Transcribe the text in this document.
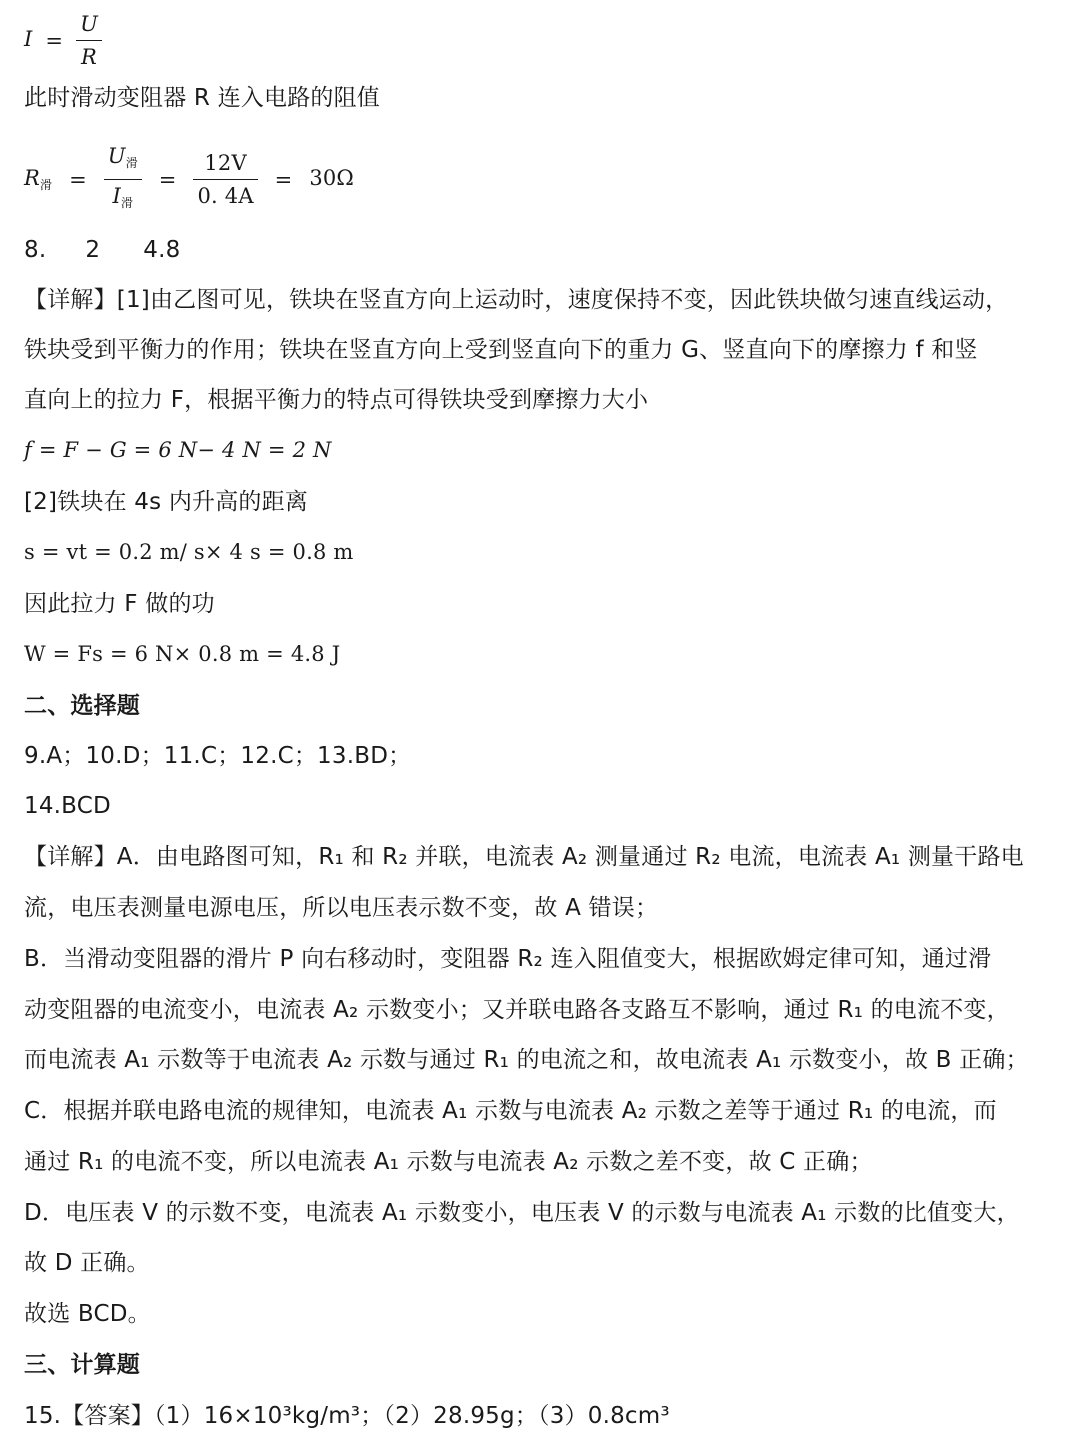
$I = \frac{U}{R}$
此时滑动变阻器 R 连入电路的阻值
R滑 = $\frac{\text{U滑}}{\text{I滑}} = \frac{12V}{0. 4A} = 30\Omega$
8. 2 4.8
【详解】[1]由乙图可见，铁块在竖直方向上运动时，速度保持不变，因此铁块做匀速直线运动，
铁块受到平衡力的作用；铁块在竖直方向上受到竖直向下的重力 G、竖直向下的摩擦力 f 和竖
直向上的拉力 F，根据平衡力的特点可得铁块受到摩擦力大小
f = F − G = 6 N− 4 N = 2 N
[2]铁块在 4s 内升高的距离
s = vt = 0.2 m/ s× 4 s = 0.8 m
因此拉力 F 做的功
W = Fs = 6 N× 0.8 m = 4.8 J
二、选择题
9.A；10.D；11.C；12.C；13.BD；
14.BCD
【详解】A．由电路图可知，R₁ 和 R₂ 并联，电流表 A₂ 测量通过 R₂ 电流，电流表 A₁ 测量干路电
流，电压表测量电源电压，所以电压表示数不变，故 A 错误；
B．当滑动变阻器的滑片 P 向右移动时，变阻器 R₂ 连入阻值变大，根据欧姆定律可知，通过滑
动变阻器的电流变小，电流表 A₂ 示数变小；又并联电路各支路互不影响，通过 R₁ 的电流不变，
而电流表 A₁ 示数等于电流表 A₂ 示数与通过 R₁ 的电流之和，故电流表 A₁ 示数变小，故 B 正确；
C．根据并联电路电流的规律知，电流表 A₁ 示数与电流表 A₂ 示数之差等于通过 R₁ 的电流，而
通过 R₁ 的电流不变，所以电流表 A₁ 示数与电流表 A₂ 示数之差不变，故 C 正确；
D．电压表 V 的示数不变，电流表 A₁ 示数变小，电压表 V 的示数与电流表 A₁ 示数的比值变大，
故 D 正确。
故选 BCD。
三、计算题
15.【答案】（1）16×10³kg/m³；（2）28.95g；（3）0.8cm³
